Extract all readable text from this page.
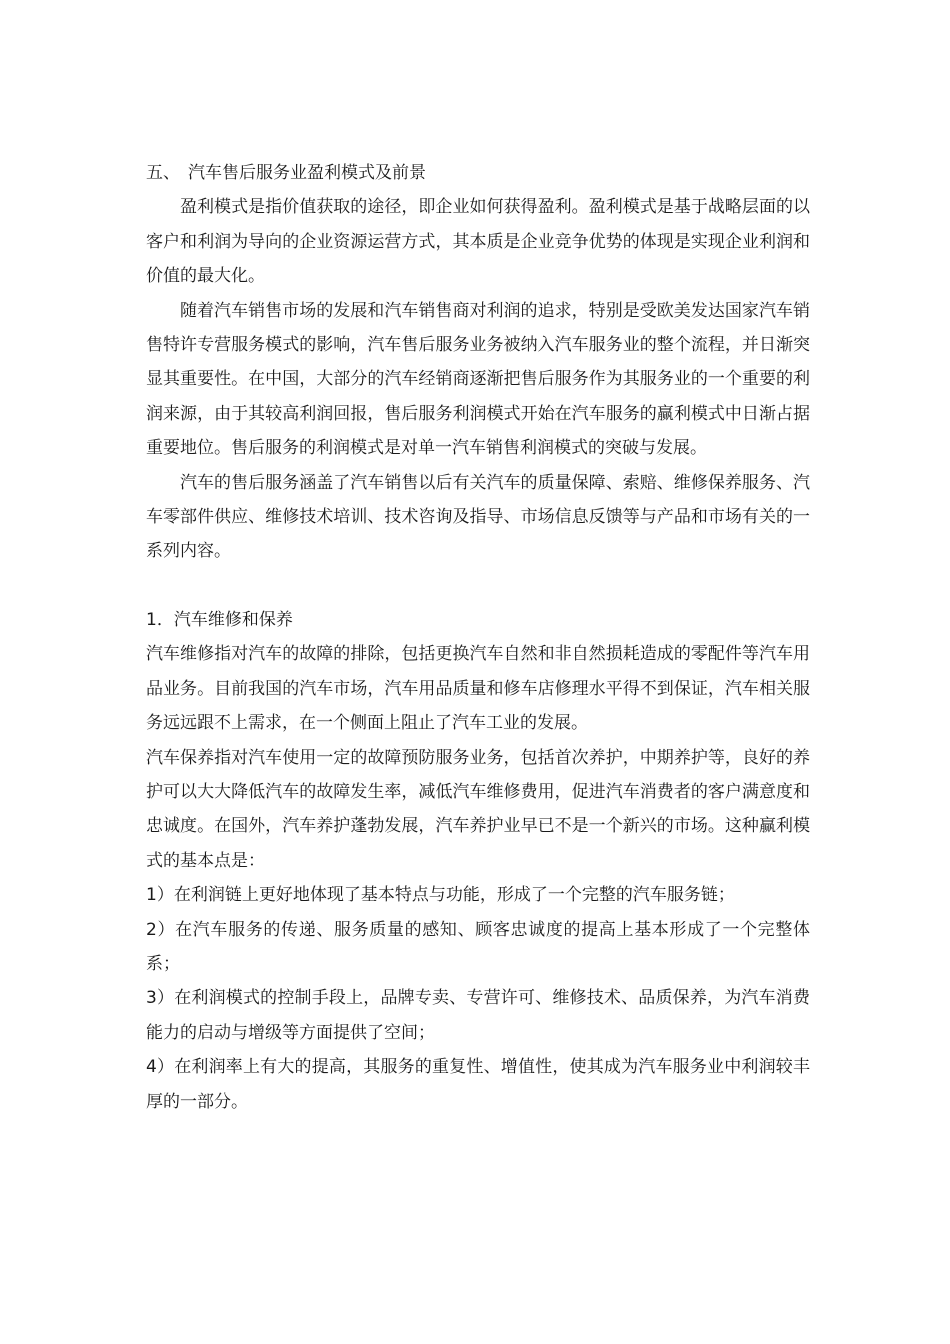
五、 汽车售后服务业盈利模式及前景

盈利模式是指价值获取的途径，即企业如何获得盈利。盈利模式是基于战略层面的以客户和利润为导向的企业资源运营方式，其本质是企业竞争优势的体现是实现企业利润和价值的最大化。

随着汽车销售市场的发展和汽车销售商对利润的追求，特别是受欧美发达国家汽车销售特许专营服务模式的影响，汽车售后服务业务被纳入汽车服务业的整个流程，并日渐突显其重要性。在中国，大部分的汽车经销商逐渐把售后服务作为其服务业的一个重要的利润来源，由于其较高利润回报，售后服务利润模式开始在汽车服务的赢利模式中日渐占据重要地位。售后服务的利润模式是对单一汽车销售利润模式的突破与发展。

汽车的售后服务涵盖了汽车销售以后有关汽车的质量保障、索赔、维修保养服务、汽车零部件供应、维修技术培训、技术咨询及指导、市场信息反馈等与产品和市场有关的一系列内容。

1．汽车维修和保养

汽车维修指对汽车的故障的排除，包括更换汽车自然和非自然损耗造成的零配件等汽车用品业务。目前我国的汽车市场，汽车用品质量和修车店修理水平得不到保证，汽车相关服务远远跟不上需求，在一个侧面上阻止了汽车工业的发展。

汽车保养指对汽车使用一定的故障预防服务业务，包括首次养护，中期养护等，良好的养护可以大大降低汽车的故障发生率，减低汽车维修费用，促进汽车消费者的客户满意度和忠诚度。在国外，汽车养护蓬勃发展，汽车养护业早已不是一个新兴的市场。这种赢利模式的基本点是：

1）在利润链上更好地体现了基本特点与功能，形成了一个完整的汽车服务链；

2）在汽车服务的传递、服务质量的感知、顾客忠诚度的提高上基本形成了一个完整体系；

3）在利润模式的控制手段上，品牌专卖、专营许可、维修技术、品质保养，为汽车消费能力的启动与增级等方面提供了空间；

4）在利润率上有大的提高，其服务的重复性、增值性，使其成为汽车服务业中利润较丰厚的一部分。
